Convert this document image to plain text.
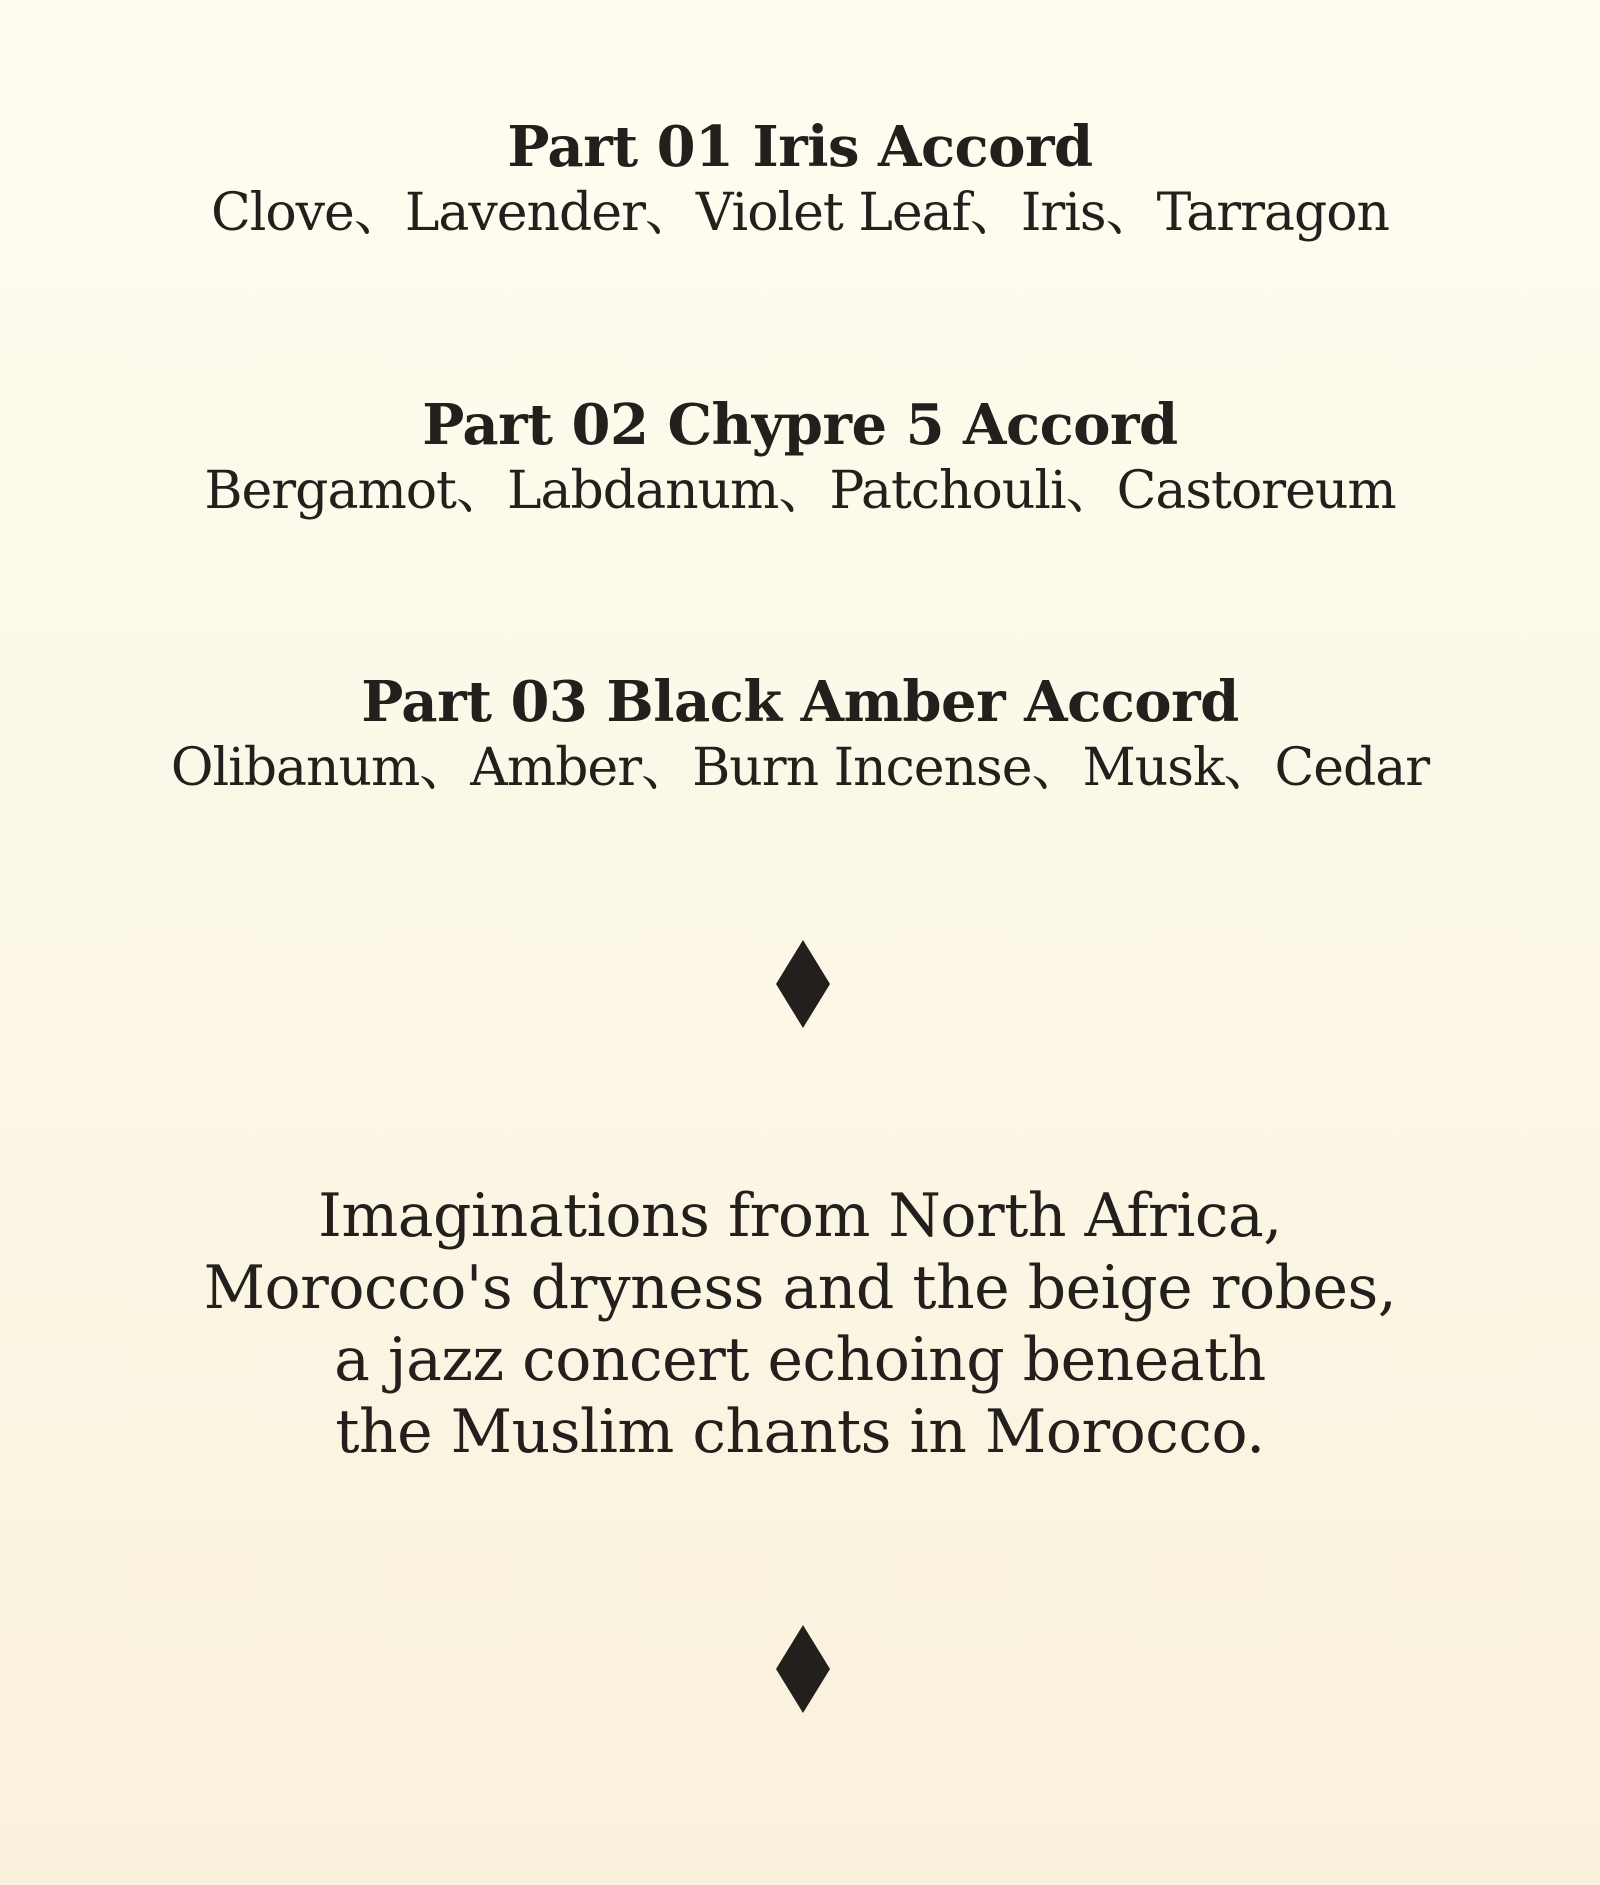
Part 01 Iris Accord
Clove、Lavender、Violet Leaf、Iris、Tarragon
Part 02 Chypre 5 Accord
Bergamot、Labdanum、Patchouli、Castoreum
Part 03 Black Amber Accord
Olibanum、Amber、Burn Incense、Musk、Cedar
Imaginations from North Africa,
Morocco's dryness and the beige robes,
a jazz concert echoing beneath
the Muslim chants in Morocco.
